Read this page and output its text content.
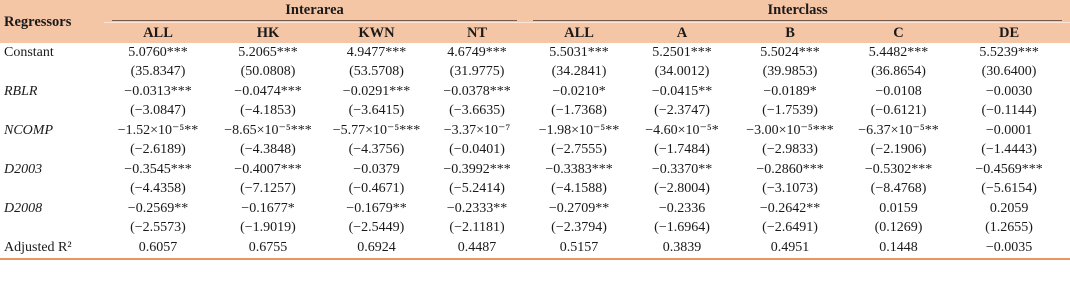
Regressors	Interarea				Interclass				

	ALL	HK	KWN	NT	ALL	A	B	C	DE
Constant	5.0760***	5.2065***	4.9477***	4.6749***	5.5031***	5.2501***	5.5024***	5.4482***	5.5239***
	(35.8347)	(50.0808)	(53.5708)	(31.9775)	(34.2841)	(34.0012)	(39.9853)	(36.8654)	(30.6400)
RBLR	−0.0313***	−0.0474***	−0.0291***	−0.0378***	−0.0210*	−0.0415**	−0.0189*	−0.0108	−0.0030
	(−3.0847)	(−4.1853)	(−3.6415)	(−3.6635)	(−1.7368)	(−2.3747)	(−1.7539)	(−0.6121)	(−0.1144)
NCOMP	−1.52×10⁻⁵**	−8.65×10⁻⁵***	−5.77×10⁻⁵***	−3.37×10⁻⁷	−1.98×10⁻⁵**	−4.60×10⁻⁵*	−3.00×10⁻⁵***	−6.37×10⁻⁵**	−0.0001
	(−2.6189)	(−4.3848)	(−4.3756)	(−0.0401)	(−2.7555)	(−1.7484)	(−2.9833)	(−2.1906)	(−1.4443)
D2003	−0.3545***	−0.4007***	−0.0379	−0.3992***	−0.3383***	−0.3370**	−0.2860***	−0.5302***	−0.4569***
	(−4.4358)	(−7.1257)	(−0.4671)	(−5.2414)	(−4.1588)	(−2.8004)	(−3.1073)	(−8.4768)	(−5.6154)
D2008	−0.2569**	−0.1677*	−0.1679**	−0.2333**	−0.2709**	−0.2336	−0.2642**	0.0159	0.2059
	(−2.5573)	(−1.9019)	(−2.5449)	(−2.1181)	(−2.3794)	(−1.6964)	(−2.6491)	(0.1269)	(1.2655)
Adjusted R²	0.6057	0.6755	0.6924	0.4487	0.5157	0.3839	0.4951	0.1448	−0.0035
